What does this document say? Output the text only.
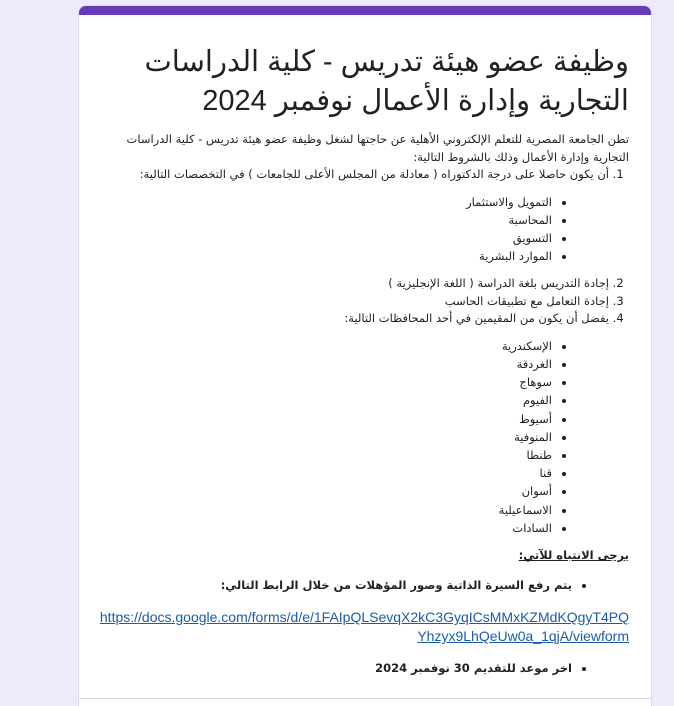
وظيفة عضو هيئة تدريس - كلية الدراسات التجارية وإدارة الأعمال نوفمبر 2024

تطن الجامعة المصرية للتعلم الإلكتروني الأهلية عن حاجتها لشغل وظيفة عضو هيئة تدريس - كلية الدراسات التجارية وإدارة الأعمال وذلك بالشروط التالية:

1. أن يكون حاصلا على درجة الدكتوراه ( معادلة من المجلس الأعلى للجامعات ) في التخصصات التالية:
• التمويل والاستثمار
• المحاسبة
• التسويق
• الموارد البشرية
2. إجادة التدريس بلغة الدراسة ( اللغة الإنجليزية )
3. إجادة التعامل مع تطبيقات الحاسب
4. يفضل أن يكون من المقيمين في أحد المحافظات التالية:
• الإسكندرية
• الغردقة
• سوهاج
• الفيوم
• أسيوط
• المنوفية
• طنطا
• قنا
• أسوان
• الاسماعيلية
• السادات
يرجى الانتباه للآتي:
• يتم رفع السيرة الذاتية وصور المؤهلات من خلال الرابط التالي:
https://docs.google.com/forms/d/e/1FAIpQLSevqX2kC3GyqICsMMxKZMdKQgyT4PQYhzyx9LhQeUw0a_1qjA/viewform
• اخر موعد للتقديم 30 نوفمبر 2024
